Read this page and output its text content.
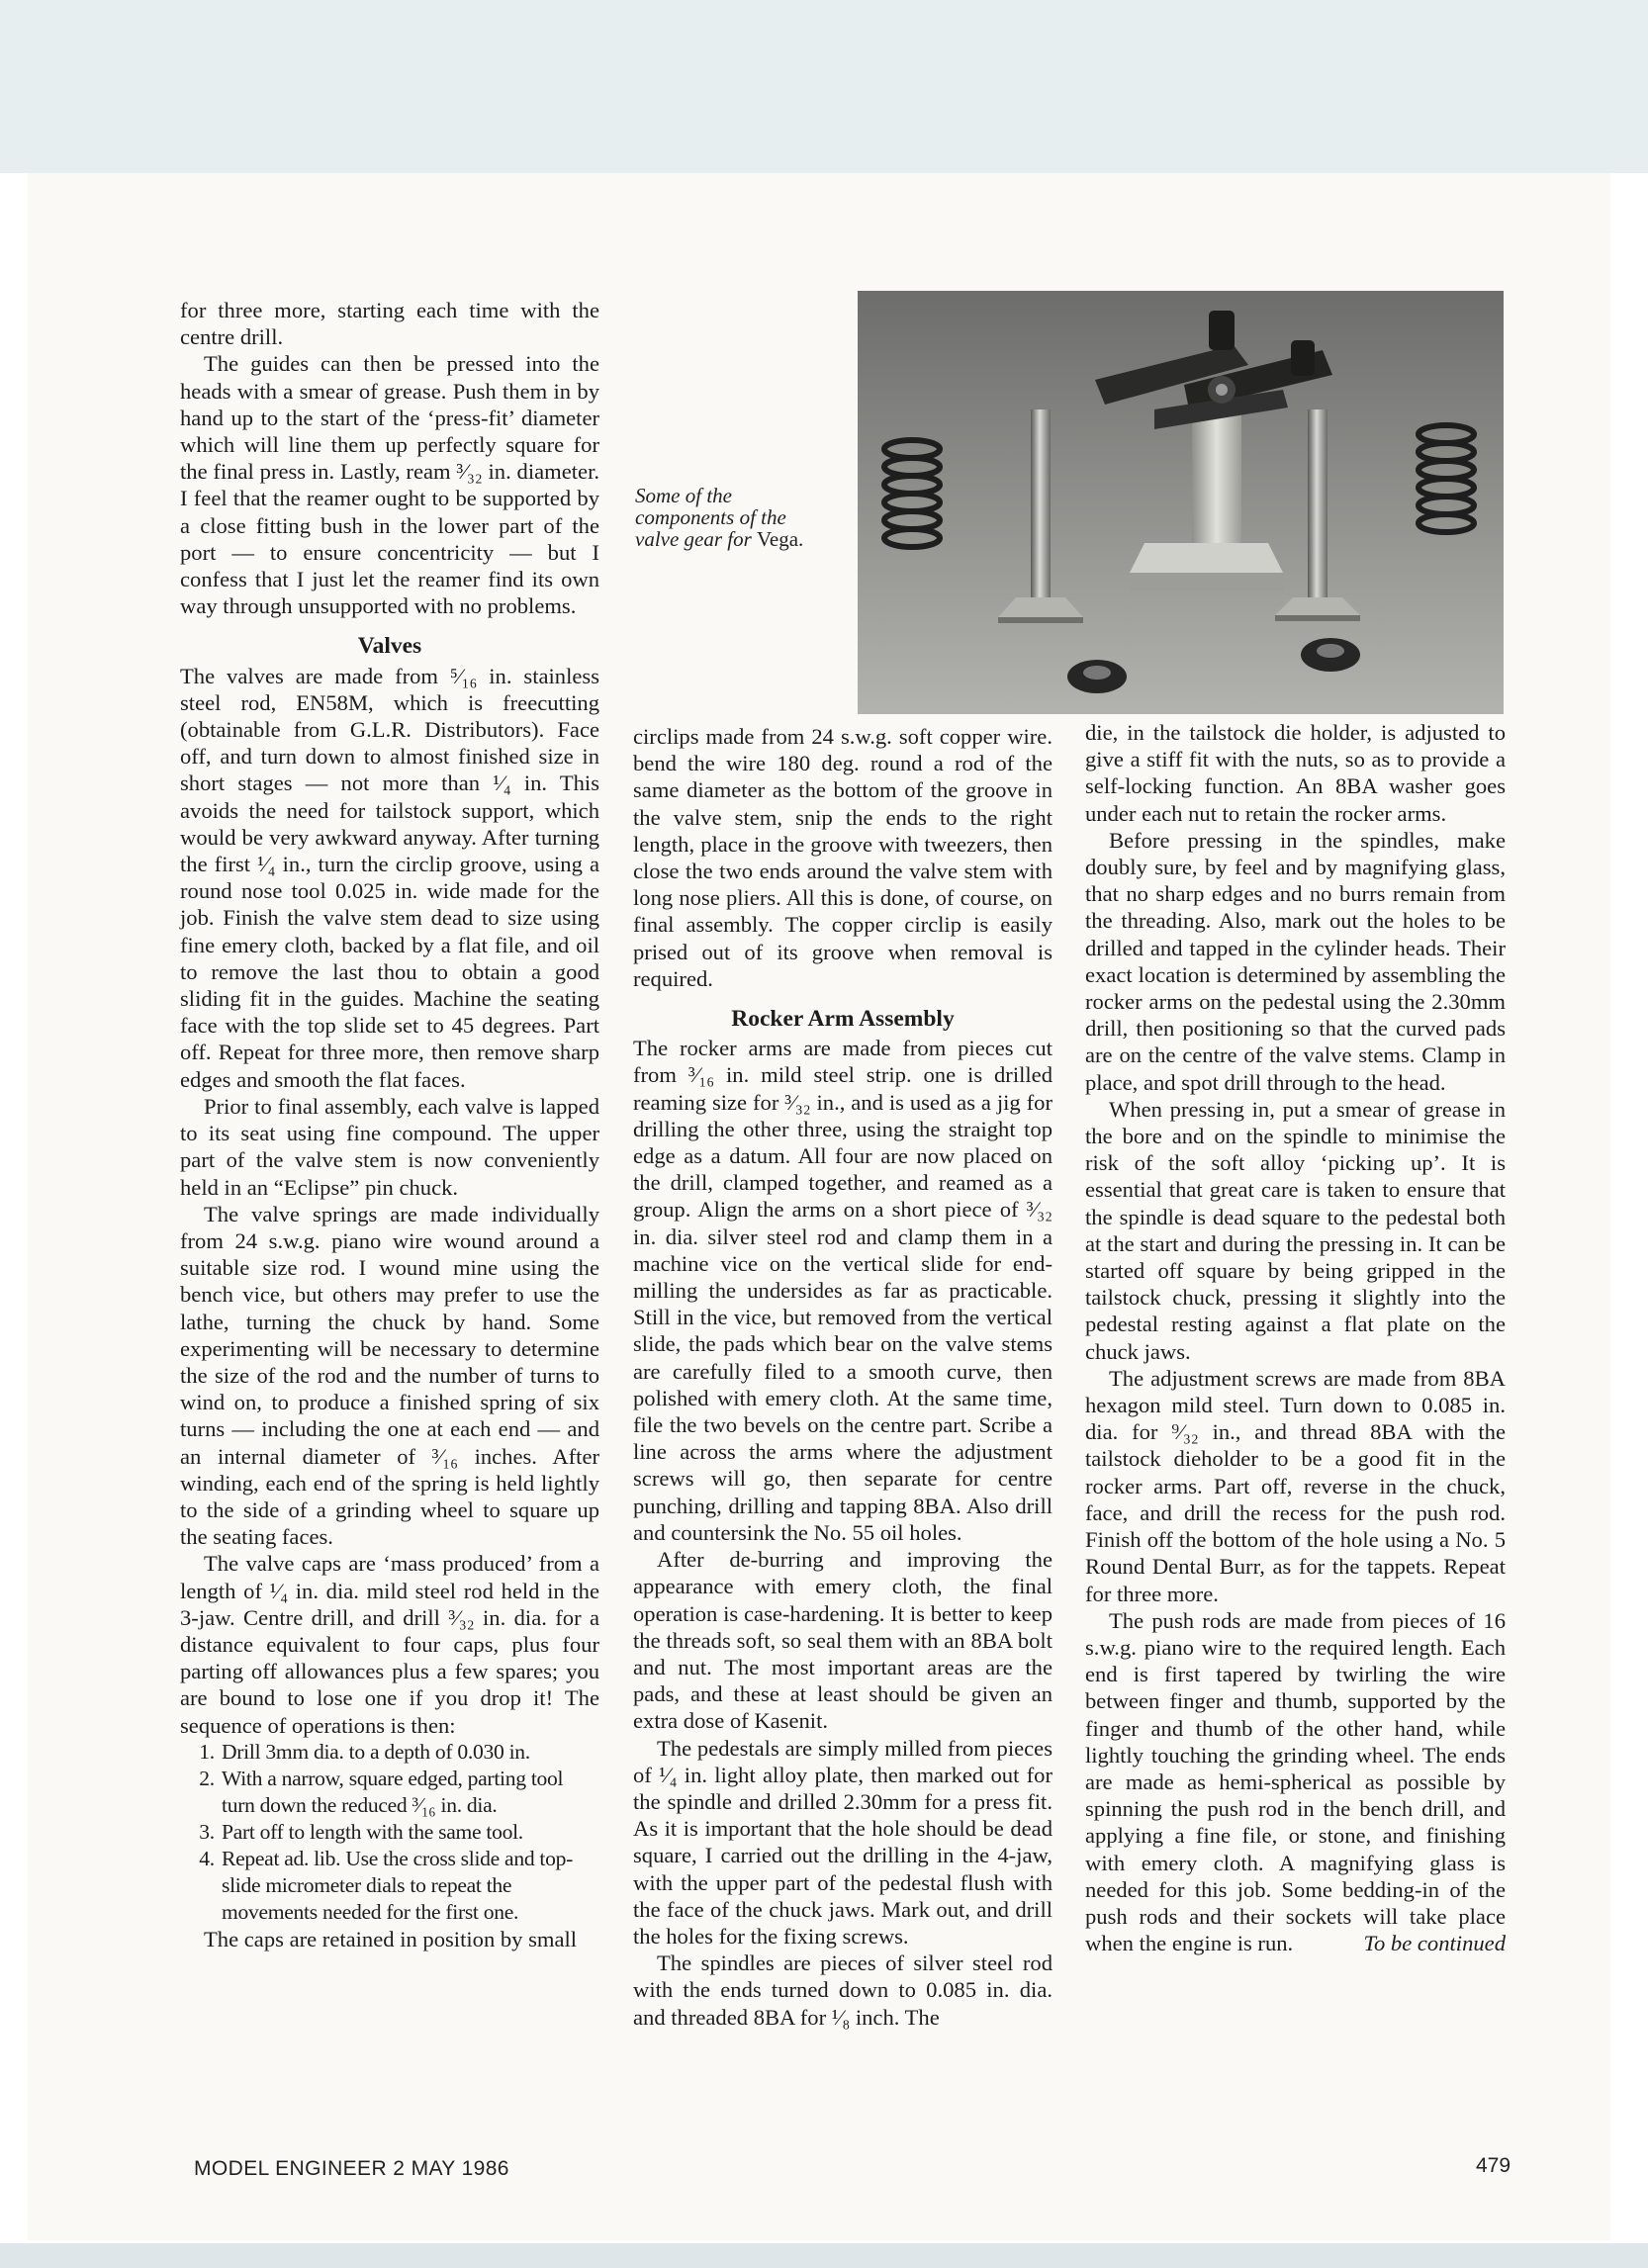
for three more, starting each time with the centre drill.

The guides can then be pressed into the heads with a smear of grease. Push them in by hand up to the start of the ‘press-fit’ diameter which will line them up perfectly square for the final press in. Lastly, ream ³⁄₃₂ in. diameter. I feel that the reamer ought to be supported by a close fitting bush in the lower part of the port — to ensure concentricity — but I confess that I just let the reamer find its own way through unsupported with no problems.

Valves

The valves are made from ⁵⁄₁₆ in. stainless steel rod, EN58M, which is freecutting (obtainable from G.L.R. Distributors). Face off, and turn down to almost finished size in short stages — not more than ¹⁄₄ in. This avoids the need for tailstock support, which would be very awkward anyway. After turning the first ¹⁄₄ in., turn the circlip groove, using a round nose tool 0.025 in. wide made for the job. Finish the valve stem dead to size using fine emery cloth, backed by a flat file, and oil to remove the last thou to obtain a good sliding fit in the guides. Machine the seating face with the top slide set to 45 degrees. Part off. Repeat for three more, then remove sharp edges and smooth the flat faces.

Prior to final assembly, each valve is lapped to its seat using fine compound. The upper part of the valve stem is now conveniently held in an “Eclipse” pin chuck.

The valve springs are made individually from 24 s.w.g. piano wire wound around a suitable size rod. I wound mine using the bench vice, but others may prefer to use the lathe, turning the chuck by hand. Some experimenting will be necessary to determine the size of the rod and the number of turns to wind on, to produce a finished spring of six turns — including the one at each end — and an internal diameter of ³⁄₁₆ inches. After winding, each end of the spring is held lightly to the side of a grinding wheel to square up the seating faces.

The valve caps are ‘mass produced’ from a length of ¹⁄₄ in. dia. mild steel rod held in the 3-jaw. Centre drill, and drill ³⁄₃₂ in. dia. for a distance equivalent to four caps, plus four parting off allowances plus a few spares; you are bound to lose one if you drop it! The sequence of operations is then:

1. Drill 3mm dia. to a depth of 0.030 in.
2. With a narrow, square edged, parting tool turn down the reduced ³⁄₁₆ in. dia.
3. Part off to length with the same tool.
4. Repeat ad. lib. Use the cross slide and top-slide micrometer dials to repeat the movements needed for the first one.

The caps are retained in position by small

Some of the components of the valve gear for Vega.

circlips made from 24 s.w.g. soft copper wire. bend the wire 180 deg. round a rod of the same diameter as the bottom of the groove in the valve stem, snip the ends to the right length, place in the groove with tweezers, then close the two ends around the valve stem with long nose pliers. All this is done, of course, on final assembly. The copper circlip is easily prised out of its groove when removal is required.

Rocker Arm Assembly

The rocker arms are made from pieces cut from ³⁄₁₆ in. mild steel strip. one is drilled reaming size for ³⁄₃₂ in., and is used as a jig for drilling the other three, using the straight top edge as a datum. All four are now placed on the drill, clamped together, and reamed as a group. Align the arms on a short piece of ³⁄₃₂ in. dia. silver steel rod and clamp them in a machine vice on the vertical slide for end-milling the undersides as far as practicable. Still in the vice, but removed from the vertical slide, the pads which bear on the valve stems are carefully filed to a smooth curve, then polished with emery cloth. At the same time, file the two bevels on the centre part. Scribe a line across the arms where the adjustment screws will go, then separate for centre punching, drilling and tapping 8BA. Also drill and countersink the No. 55 oil holes.

After de-burring and improving the appearance with emery cloth, the final operation is case-hardening. It is better to keep the threads soft, so seal them with an 8BA bolt and nut. The most important areas are the pads, and these at least should be given an extra dose of Kasenit.

The pedestals are simply milled from pieces of ¹⁄₄ in. light alloy plate, then marked out for the spindle and drilled 2.30mm for a press fit. As it is important that the hole should be dead square, I carried out the drilling in the 4-jaw, with the upper part of the pedestal flush with the face of the chuck jaws. Mark out, and drill the holes for the fixing screws.

The spindles are pieces of silver steel rod with the ends turned down to 0.085 in. dia. and threaded 8BA for ¹⁄₈ inch. The

die, in the tailstock die holder, is adjusted to give a stiff fit with the nuts, so as to provide a self-locking function. An 8BA washer goes under each nut to retain the rocker arms.

Before pressing in the spindles, make doubly sure, by feel and by magnifying glass, that no sharp edges and no burrs remain from the threading. Also, mark out the holes to be drilled and tapped in the cylinder heads. Their exact location is determined by assembling the rocker arms on the pedestal using the 2.30mm drill, then positioning so that the curved pads are on the centre of the valve stems. Clamp in place, and spot drill through to the head.

When pressing in, put a smear of grease in the bore and on the spindle to minimise the risk of the soft alloy ‘picking up’. It is essential that great care is taken to ensure that the spindle is dead square to the pedestal both at the start and during the pressing in. It can be started off square by being gripped in the tailstock chuck, pressing it slightly into the pedestal resting against a flat plate on the chuck jaws.

The adjustment screws are made from 8BA hexagon mild steel. Turn down to 0.085 in. dia. for ⁹⁄₃₂ in., and thread 8BA with the tailstock dieholder to be a good fit in the rocker arms. Part off, reverse in the chuck, face, and drill the recess for the push rod. Finish off the bottom of the hole using a No. 5 Round Dental Burr, as for the tappets. Repeat for three more.

The push rods are made from pieces of 16 s.w.g. piano wire to the required length. Each end is first tapered by twirling the wire between finger and thumb, supported by the finger and thumb of the other hand, while lightly touching the grinding wheel. The ends are made as hemi-spherical as possible by spinning the push rod in the bench drill, and applying a fine file, or stone, and finishing with emery cloth. A magnifying glass is needed for this job. Some bedding-in of the push rods and their sockets will take place when the engine is run.	To be continued

MODEL ENGINEER 2 MAY 1986	479
